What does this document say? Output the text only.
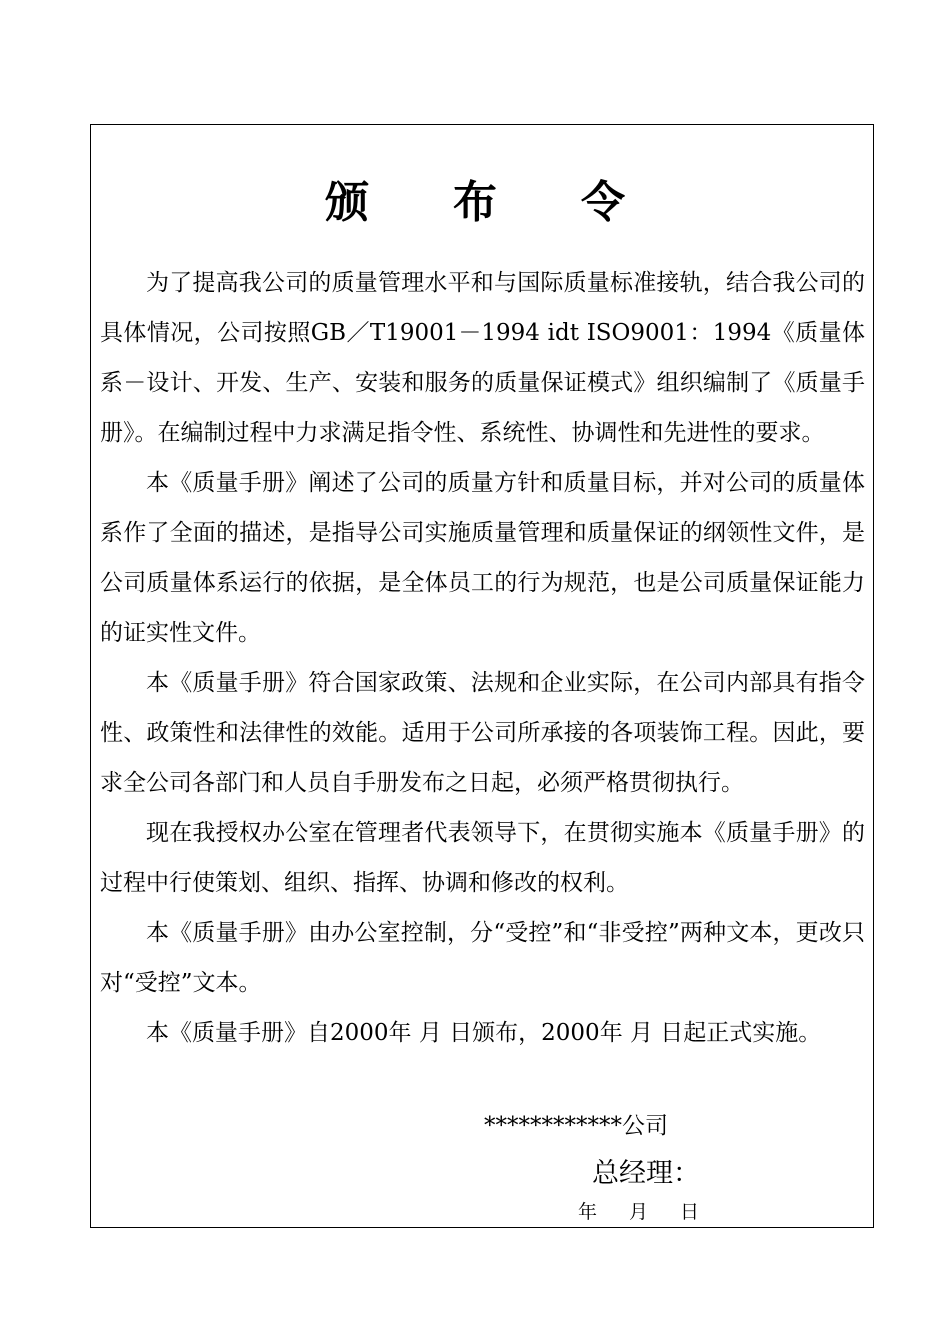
颁 布 令

为了提高我公司的质量管理水平和与国际质量标准接轨，结合我公司的具体情况，公司按照GB／T19001－1994 idt ISO9001：1994《质量体系－设计、开发、生产、安装和服务的质量保证模式》组织编制了《质量手册》。在编制过程中力求满足指令性、系统性、协调性和先进性的要求。

本《质量手册》阐述了公司的质量方针和质量目标，并对公司的质量体系作了全面的描述，是指导公司实施质量管理和质量保证的纲领性文件，是公司质量体系运行的依据，是全体员工的行为规范，也是公司质量保证能力的证实性文件。

本《质量手册》符合国家政策、法规和企业实际，在公司内部具有指令性、政策性和法律性的效能。适用于公司所承接的各项装饰工程。因此，要求全公司各部门和人员自手册发布之日起，必须严格贯彻执行。

现在我授权办公室在管理者代表领导下，在贯彻实施本《质量手册》的过程中行使策划、组织、指挥、协调和修改的权利。

本《质量手册》由办公室控制，分“受控”和“非受控”两种文本，更改只对“受控”文本。

本《质量手册》自2000年 月 日颁布，2000年 月 日起正式实施。

************公司
总经理：
年 月 日
